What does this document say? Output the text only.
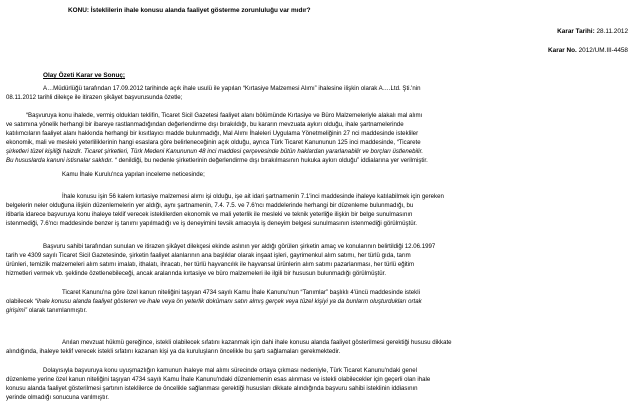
KONU: İsteklilerin ihale konusu alanda faaliyet gösterme zorunluluğu var mıdır?
Karar Tarihi: 28.11.2012
Karar No. 2012/UM.III-4458
Olay Özeti Karar ve Sonuç;
A…Müdürlüğü tarafından 17.09.2012 tarihinde açık ihale usulü ile yapılan “Kırtasiye Malzemesi Alımı” ihalesine ilişkin olarak A….Ltd. Şti.'nin
08.11.2012 tarihli dilekçe ile itirazen şikâyet başvurusunda özetle;
“Başvuruya konu ihalede, vermiş oldukları teklifin, Ticaret Sicil Gazetesi faaliyet alanı bölümünde Kırtasiye ve Büro Malzemeleriyle alakalı mal alımı
ve satımına yönelik herhangi bir ibareye rastlanmadığından değerlendirme dışı bırakıldığı, bu kararın mevzuata aykırı olduğu, ihale şartnamelerinde
katılımcıların faaliyet alanı hakkında herhangi bir kısıtlayıcı madde bulunmadığı, Mal Alımı İhaleleri Uygulama Yönetmeliğinin 27 nci maddesinde istekliler
ekonomik, mali ve mesleki yeterliliklerinin hangi esaslara göre belirleneceğinin açık olduğu, ayrıca Türk Ticaret Kanununun 125 inci maddesinde, “Ticarete
şirketleri tüzel kişiliği haizdir. Ticaret şirketleri, Türk Medeni Kanununun 48 inci maddesi çerçevesinde bütün haklardan yararlanabilir ve borçları üstlenebilir.
Bu hususlarda kanuni istisnalar saklıdır. “ denildiği, bu nedenle şirketlerinin değerlendirme dışı bırakılmasının hukuka aykırı olduğu” iddialarına yer verilmiştir.
Kamu İhale Kurulu'nca yapılan inceleme neticesinde;
İhale konusu işin 56 kalem kırtasiye malzemesi alımı işi olduğu, işe ait idari şartnamenin 7.1'inci maddesinde ihaleye katılabilmek için gereken
belgelerin neler olduğuna ilişkin düzenlemelerin yer aldığı, aynı şartnamenin, 7.4. 7.5. ve 7.6'ncı maddelerinde herhangi bir düzenleme bulunmadığı, bu
itibarla idarece başvuruya konu ihaleye teklif verecek isteklilerden ekonomik ve mali yeterlik ile mesleki ve teknik yeterliğe ilişkin bir belge sunulmasının
istenmediği, 7.6'ncı maddesinde benzer iş tanımı yapılmadığı ve iş deneyimini tevsik amacıyla iş deneyim belgesi sunulmasının istenmediği görülmüştür.
Başvuru sahibi tarafından sunulan ve itirazen şikâyet dilekçesi ekinde aslının yer aldığı görülen şirketin amaç ve konularının belirtildiği 12.06.1997
tarih ve 4309 sayılı Ticaret Sicil Gazetesinde, şirketin faaliyet alanlarının ana başlıklar olarak inşaat işleri, gayrimenkul alım satımı, her türlü gıda, tarım
ürünleri, temizlik malzemeleri alım satımı imalatı, ithalatı, ihracatı, her türlü hayvancılık ile hayvansal ürünlerin alım satımı pazarlanması, her türlü eğitim
hizmetleri vermek vb. şeklinde özetlenebileceği, ancak aralarında kırtasiye ve büro malzemeleri ile ilgili bir hususun bulunmadığı görülmüştür.
Ticaret Kanunu'na göre özel kanun niteliğini taşıyan 4734 sayılı Kamu İhale Kanunu'nun “Tanımlar” başlıklı 4'üncü maddesinde istekli
olabilecek “ihale konusu alanda faaliyet gösteren ve ihale veya ön yeterlik dokümanı satın almış gerçek veya tüzel kişiyi ya da bunların oluşturdukları ortak
girişimi” olarak tanımlanmıştır.
Anılan mevzuat hükmü gereğince, istekli olabilecek sıfatını kazanmak için dahi ihale konusu alanda faaliyet gösterilmesi gerektiği hususu dikkate
alındığında, ihaleye teklif verecek istekli sıfatını kazanan kişi ya da kuruluşların öncelikle bu şartı sağlamaları gerekmektedir.
Dolayısıyla başvuruya konu uyuşmazlığın kamunun ihaleye mal alımı sürecinde ortaya çıkması nedeniyle, Türk Ticaret Kanunu'ndaki genel
düzenleme yerine özel kanun niteliğini taşıyan 4734 sayılı Kamu İhale Kanunu'ndaki düzenlemenin esas alınması ve istekli olabilecekler için geçerli olan ihale
konusu alanda faaliyet gösterilmesi şartının isteklilerce de öncelikle sağlanması gerektiği hususları dikkate alındığında başvuru sahibi isteklinin iddiasının
yerinde olmadığı sonucuna varılmıştır.
